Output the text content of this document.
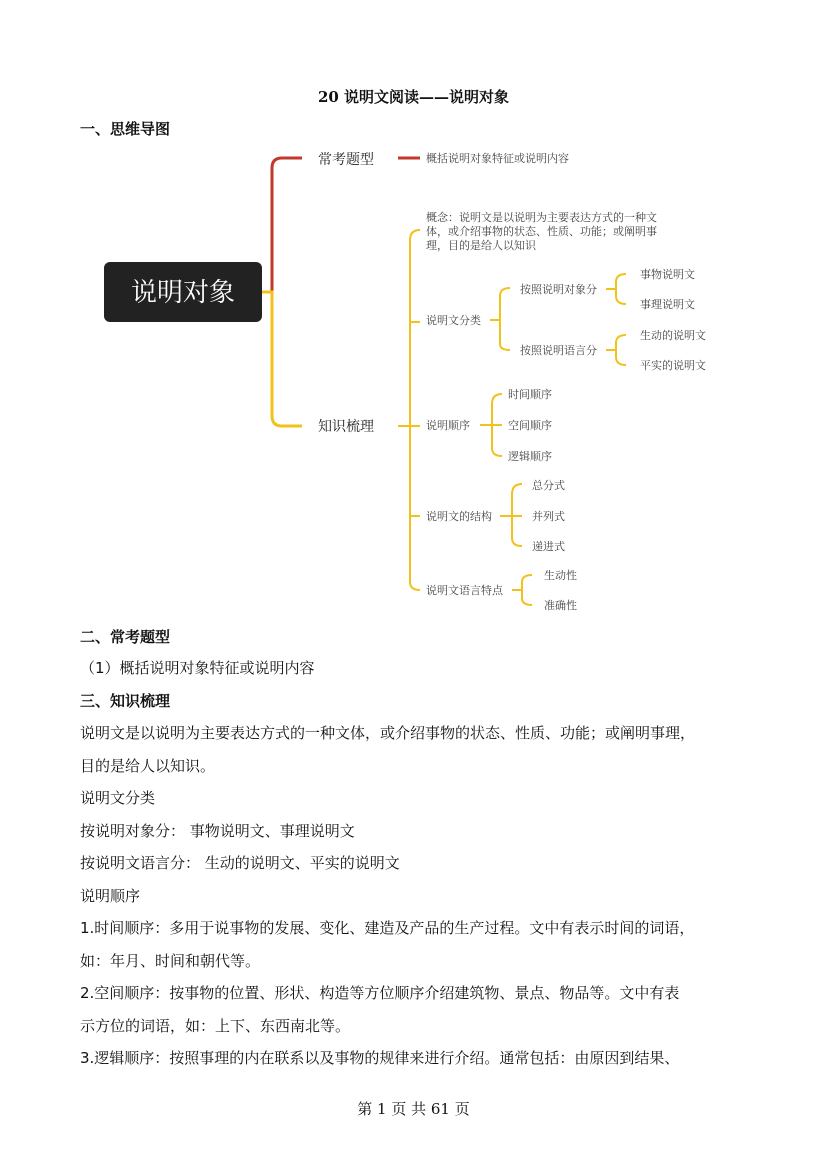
20 说明文阅读——说明对象
一、思维导图
说明对象
常考题型	概括说明对象特征或说明内容
知识梳理
概念：说明文是以说明为主要表达方式的一种文
体，或介绍事物的状态、性质、功能；或阐明事
理，目的是给人以知识
说明文分类
按照说明对象分
按照说明语言分
事物说明文
事理说明文
生动的说明文
平实的说明文
说明顺序
时间顺序
空间顺序
逻辑顺序
说明文的结构
总分式
并列式
递进式
说明文语言特点
生动性
准确性
二、常考题型
（1）概括说明对象特征或说明内容
三、知识梳理
说明文是以说明为主要表达方式的一种文体，或介绍事物的状态、性质、功能；或阐明事理，
目的是给人以知识。
说明文分类
按说明对象分： 事物说明文、事理说明文
按说明文语言分： 生动的说明文、平实的说明文
说明顺序
1.时间顺序：多用于说事物的发展、变化、建造及产品的生产过程。文中有表示时间的词语，
如：年月、时间和朝代等。
2.空间顺序：按事物的位置、形状、构造等方位顺序介绍建筑物、景点、物品等。文中有表
示方位的词语，如：上下、东西南北等。
3.逻辑顺序：按照事理的内在联系以及事物的规律来进行介绍。通常包括：由原因到结果、
第 1 页 共 61 页
